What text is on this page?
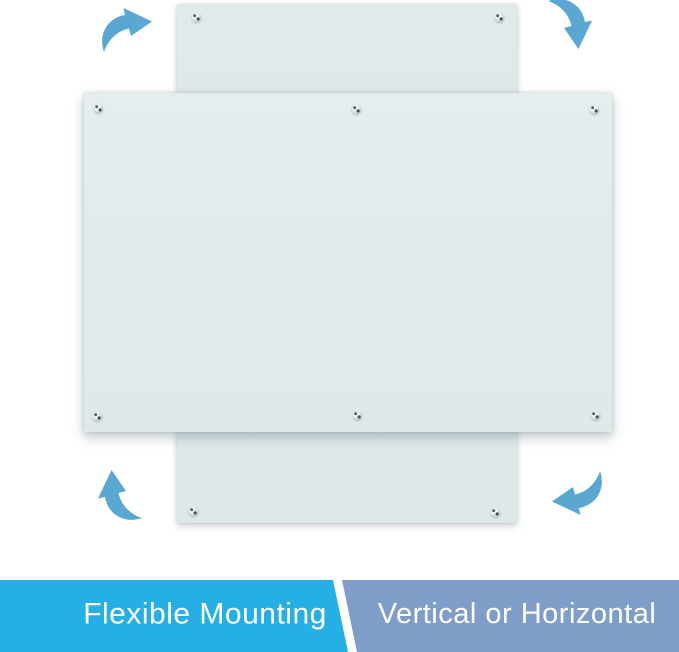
Flexible Mounting Vertical or Horizontal
